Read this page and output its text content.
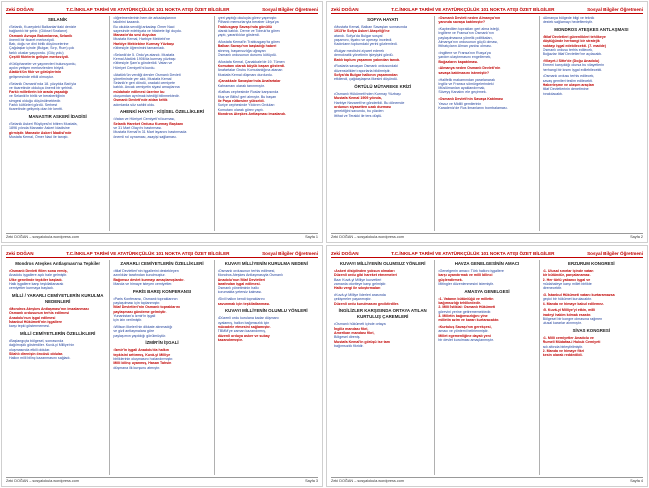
Zeki DOĞAN	T.C.İNKILAP TARİHİ VE ATATÜRKÇÜLÜK 101 NOKTA ATIŞI ÖZET BİLGİLER	Sosyal Bilgiler Öğretmeni
SELANİK
• Selanik, Kuzeydeki Balkanlar'daki denizle
bağlantılı bir şehir. (Göksel Sıralanır)
Osmanlı Avrupa Bakımlarına, Selanik
önemli bir ticaret merkeziydi.
Batı, doğu ve dini birlik düşüncelerine
Çağdaşlar içinde (Bulgar, Sırp, Rum) çok
farklı uluslar yaşıyordu. (Göç yolu)
Çeşitli fikirlerin gelişim merkeziydi.
• Kütüphaneler ve yayınevleri bulunuyordu,
aydın yetişen merkezlerden biriydi.
Atatürk'ün fikir ve görüşlerinin
gelişmesinde etkili olmuştur.
• Selanik Osmanlı'nda 18. yüzyılda Batı'yla
ve ticaretinde oldukça önemli bir şehirdi.
Farklı milletlerin bir arada yaşadığı
ve Selanik'in birlik ve beraberliğinin
simgesi olduğu düşünülmektedir.
Farklı kültürleri gördü. Serbest
ticaretinde gelişmiş olan bir kentti.
MANASTIR ASKERİ İDADİSİ
• Selanik Askeri Rüştiyesi'ni bitiren Mustafa,
1896 yılında Manastır Askeri İdadisine
girmiştir. Manastır Askeri İdadisi'nde
Mustafa Kemal, Ömer Naci ile tanıştı.
• öğretmenlerinin hem de arkadaşlarının
takdirini kazandı.
Bu okulda sevdiği arkadaşı Ömer Naci
sayesinde edebiyata ve hitabete ilgi duydu.
Manastır'da sesi duyulan
Mustafa Kemal, Harbiye Mektebi'ne
Harbiye Mektebine Kurmay Yüzbaşı
rütbesiyle öğrenimini tamamladı.
• Selanik'de 5. Ordu'ya atandı. Mustafa
Kemal Atatürk 1906'da kurmay yüzbaşı
rütbesiyle Şam'a gönderildi. Vatan ve
Hürriyet Cemiyeti'ni kurdu.
• Atatürk'ün verdiği dersler Osmanlı Devleti
yönetiminde yer aldı, Mustafa Kemal
Selanik'e geri döndü, oradaki cemiyete
katıldı. Ancak cemiyetin siyasi amaçlarına
müdahale edilmesi üzerine bu
oluşumdan ayrılmak istediği bilinmektedir.
Osmanlı Devleti'nde atılan kritik
adımlarda söz sahibi oldu.
AHENKİ HAYATI · KİŞİSEL ÖZELLİKLERİ
• Vatan ve Hürriyet Cemiyeti'ni kurması,
Selanik Hareket Ordusu Kurmay Başkanı
ve 31 Mart Olayı'nı bastırması.
Mustafa Kemal'in 31 Mart isyanını bastırmada
önemli rol oynaması, asayişi sağlaması.
• yeri yaptığı okuluyla görev yapmıştır.
Pilhanlı memurlarıyla beraber Libya'ya
Trablusgarp Savaşı'nda gönüllü
olarak katıldı. Derne ve Tobruk'ta görev
yaptı, yararlılıklar gösterdi.
• Mustafa Kemal'in Trablusgarp'ta görev
Balkan Savaşı'nın başladığı haberi
alınmış, başarısızlığa uğrayan
Osmanlı ordusunun durumu kötüydü.
• Mustafa Kemal, Çanakkale'de 19. Tümen
Komutanı olarak büyük başarı gösterdi.
Anafartalar Grubu Komutanlığına atanan
Mustafa Kemal düşmanı durdurdu.
• Çanakkale Savaşları'nda Anafartalar
Kahramanı olarak tanınmıştır.
• Kafkas cephesinde Ruslar karşısında
Muş ve Bitlis'i geri almıştır. Bu başarı
ile Paşa rütbesine yükseldi.
Suriye cephesinde Yıldırım Orduları
Komutanı olarak görev yaptı.
Mondros Ateşkes Antlaşması imzalandı.
Zeki DOĞAN – sosyalokula.wordpress.com	Sayfa 1
Zeki DOĞAN	T.C.İNKILAP TARİHİ VE ATATÜRKÇÜLÜK 101 NOKTA ATIŞI ÖZET BİLGİLER	Sosyal Bilgiler Öğretmeni
SOFYA HAYATI
• Mustafa Kemal, Balkan Savaşları sonrasında
1913'te Sofya Askeri Ataşeliği'ne
atandı. Sofya'da Bulgar sosyal
yaşamını, tiyatro ve operayı inceledi.
Kadınların toplumdaki yerini gözlemledi.
• Bulgar meclisini ziyaret ederek
demokratik yönetimin işleyişini gördü.
Batılı toplum yaşamını yakından tanıdı.
• Ruslarla savaşan Osmanlı ordusundaki
düzensizlikleri raporlarla bildirmiştir.
Sofya'da Bulgar halkının yaşamından
etkilendi, çağdaşlaşma ilkesini düşündü.
ÖRTÜLÜ MÜTAREKE KRİZİ
• Osmanlı Hükümeti'nden Kurmay Yüzbaşı
Mustafa Kemal 1909 yılında,
Harbiye Nezareti'ne gönderildi. Bu dönemde
ordunun siyasetten uzak durması
gerektiğini savundu, bu yüzden
İttihat ve Terakki ile ters düştü.
• Osmanlı Devleti neden Almanya'nın
yanında savaşa katılmıştır?
• Kaybedilen toprakları geri alma isteği,
İngiltere ve Fransa'nın Osmanlı'nın
paylaşılmasına yönelik politikaları,
Almanya'nın ordusunun güçlü olması,
İttihatçıların Alman yanlısı olması.
• İngiltere ve Fransa'nın Rusya'ya
yardım ulaştırmasını engellemek,
Boğazların kapatılması.
• Almanya neden Osmanlı Devleti'nin
savaşa katılmasını istemiştir?
• Halifelik makamından yararlanarak
İngiliz ve Fransız sömürgelerindeki
Müslümanları ayaklandırmak,
Süveyş Kanalını ele geçirmek.
• Osmanlı Devleti'nin Savaşa Katılması
Yavuz ve Midilli gemilerinin
Karadeniz'de Rus limanlarını bombalaması.
• Almanya bölgede bilgi ve teknik
destek sağlamayı hedeflemiştir.
MONDROS ATEŞKES ANTLAŞMASI
• İtilaf Devletleri güvenlikleri tehlikeye
düştüğünde herhangi bir stratejik
noktayı işgal edebilecekti. (7. madde)
Osmanlı ordusu terhis edilecek,
Boğazlar İtilaf Devletleri'ne açılacaktı.
• Vilayet-i Sitte'de (Doğu Anadolu)
Ermeni karışıklığı olursa bu vilayetlerin
herhangi bir kısmı işgal edilebilecekti.
• Osmanlı ordusu terhis edilecek,
savaş gemileri teslim edilecekti.
Haberleşme ve ulaşım araçları
İtilaf Devletlerinin denetimine
bırakılacaktı.
Zeki DOĞAN – sosyalokula.wordpress.com	Sayfa 2
Zeki DOĞAN	T.C.İNKILAP TARİHİ VE ATATÜRKÇÜLÜK 101 NOKTA ATIŞI ÖZET BİLGİLER	Sosyal Bilgiler Öğretmeni
Mondros Ateşkes Antlaşması'na Tepkiler
• Osmanlı Devleti fiilen sona ermiş,
Anadolu işgallere açık hale gelmiştir.
Ülke genelinde tepkiler başladı.
Halk işgallere karşı teşkilatlanarak
cemiyetler kurmaya başladı.
MİLLİ / YARARLI CEMİYETLERİN KURULMA NEDENLERİ
• Mondros Ateşkes Antlaşması'nın imzalanması
Osmanlı ordusunun terhis edilmesi
Anadolu'nun işgal edilmesi
İstanbul Hükümeti'nin işgallere
karşı tepki göstermemesi.
MİLLİ CEMİYETLERİN ÖZELLİKLERİ
• Başlangıçta bölgesel, sonrasında
dağılmışlık gösterdiler. Kuvâ-yi Milliye'nin
oluşmasında etkili oldular.
Silahlı direnişin öncüsü oldular.
Halkın milli bilinç kazanmasını sağladı.
ZARARLI CEMİYETLERİN ÖZELLİKLERİ
• İtilaf Devletleri'nin işgallerini destekleyen
azınlıklar tarafından kurulmuştur.
Bağımsız devlet kurmayı amaçlamışlardır.
Manda ve himaye isteyen cemiyetler.
PARİS BARIŞ KONFERANSI
• Paris Konferansı, Osmanlı topraklarının
paylaşılması için toplanmıştır.
İtilaf Devletleri'nin Osmanlı topraklarını
paylaşması gündeme gelmiştir.
Yunanistan'a İzmir'in işgali
için izin verilmiştir.
• Wilson İlkeleri'nin dikkate alınmadığı
ve gizli antlaşmalara göre
paylaşımın yapıldığı görülmüştür.
İZMİR'İN İŞGALİ
• İzmir'in işgali Anadolu'da halkın
tepkisini arttırmış, Kuvâ-yi Milliye
birliklerinin oluşmasını hızlandırmıştır.
Milli bilinç uyanmış, Hasan Tahsin
düşmana ilk kurşunu atmıştır.
KUVAYI MİLLİYENİN KURULMA NEDENİ
• Osmanlı ordusunun terhis edilmesi,
Mondros Ateşkes Antlaşmasıyla Osmanlı
Anadolu'nun İtilaf Devletleri
tarafından işgal edilmesi.
Osmanlı yönetiminin halkı
korumakta yetersiz kalması.
• Sivil halkın kendi topraklarını
savunmak için teşkilatlanması.
KUVAYI MİLLİYENİN OLUMLU YÖNLERİ
• Düzenli ordu kurulana kadar düşmanı
oyalamış, halkın bağımsızlık için
mücadele etmesini sağlamıştır.
TBMM'ye zaman kazandırmış,
düzenli orduya asker ve subay
kazandırmıştır.
Zeki DOĞAN – sosyalokula.wordpress.com	Sayfa 3
Zeki DOĞAN	T.C.İNKILAP TARİHİ VE ATATÜRKÇÜLÜK 101 NOKTA ATIŞI ÖZET BİLGİLER	Sosyal Bilgiler Öğretmeni
KUVAYI MİLLİYENİN OLUMSUZ YÖNLERİ
• Askeri disiplinden yoksun olmaları
Düzenli ordu gibi hareket etmemeleri
Bazı Kuvâ-yi Milliye kuvvetleri
zamanla otoriteye karşı gelmiştir.
Halkı vergi ile sıkıştırmaları
• Kuvâ-yi Milliye liderleri arasında
çekişmeler yaşanmıştır.
Düzenli ordu kurulmasını geciktirdiler.
İNGİLİZLER KARŞISINDA ORTAYA ATILAN KURTULUŞ ÇAREMLERİ
• Osmanlı hükümeti içinde ortaya
İngiliz mandası fikri,
Amerikan mandası fikri,
Bölgesel direniş.
Mustafa Kemal'in görüşü ise tam
bağımsızlık fikridir.
HAVZA GENELGESİNİN AMACI
• Genelgenin amacı: Türk halkını işgallere
karşı uyandırmak ve milli bilinci
güçlendirmek.
Mitingler düzenlenmesini istemiştir.
AMASYA GENELGESİ
• 1. Vatanın bütünlüğü ve milletin
bağımsızlığı tehlikededir.
2. Milli İstiklal: Osmanlı Hükümeti
görevini yerine getirememektedir.
3. Milletin bağımsızlığını yine
milletin azim ve kararı kurtaracaktır.
• Kurtuluş Savaşı'nın gerekçesi,
amacı ve yöntemi belirlenmiştir.
Millet egemenliğine dayalı yeni
bir devlet kurulması amaçlanmıştır.
ERZURUM KONGRESİ
• 1. Ulusal sınırlar içinde vatan
bir bütündür, parçalanamaz.
2. Her türlü yabancı işgal ve
müdahaleye karşı millet birlikte
direnecektir.
• 3. İstanbul Hükümeti vatanı kurtaramazsa
geçici bir hükümet kurulacaktır.
4. Manda ve himaye kabul edilemez.
• 5. Kuvâ-yi Milliye'yi etkin, milli
iradeyi hakim kılmak esastır.
Bölgesel bir kongre olmasına rağmen
ulusal kararlar alınmıştır.
SİVAS KONGRESİ
• 1. Milli cemiyetler Anadolu ve
Rumeli Müdafaa-i Hukuk Cemiyeti
adı altında birleştirilmiştir.
2. Manda ve himaye fikri
kesin olarak reddedildi.
Zeki DOĞAN – sosyalokula.wordpress.com	Sayfa 4
